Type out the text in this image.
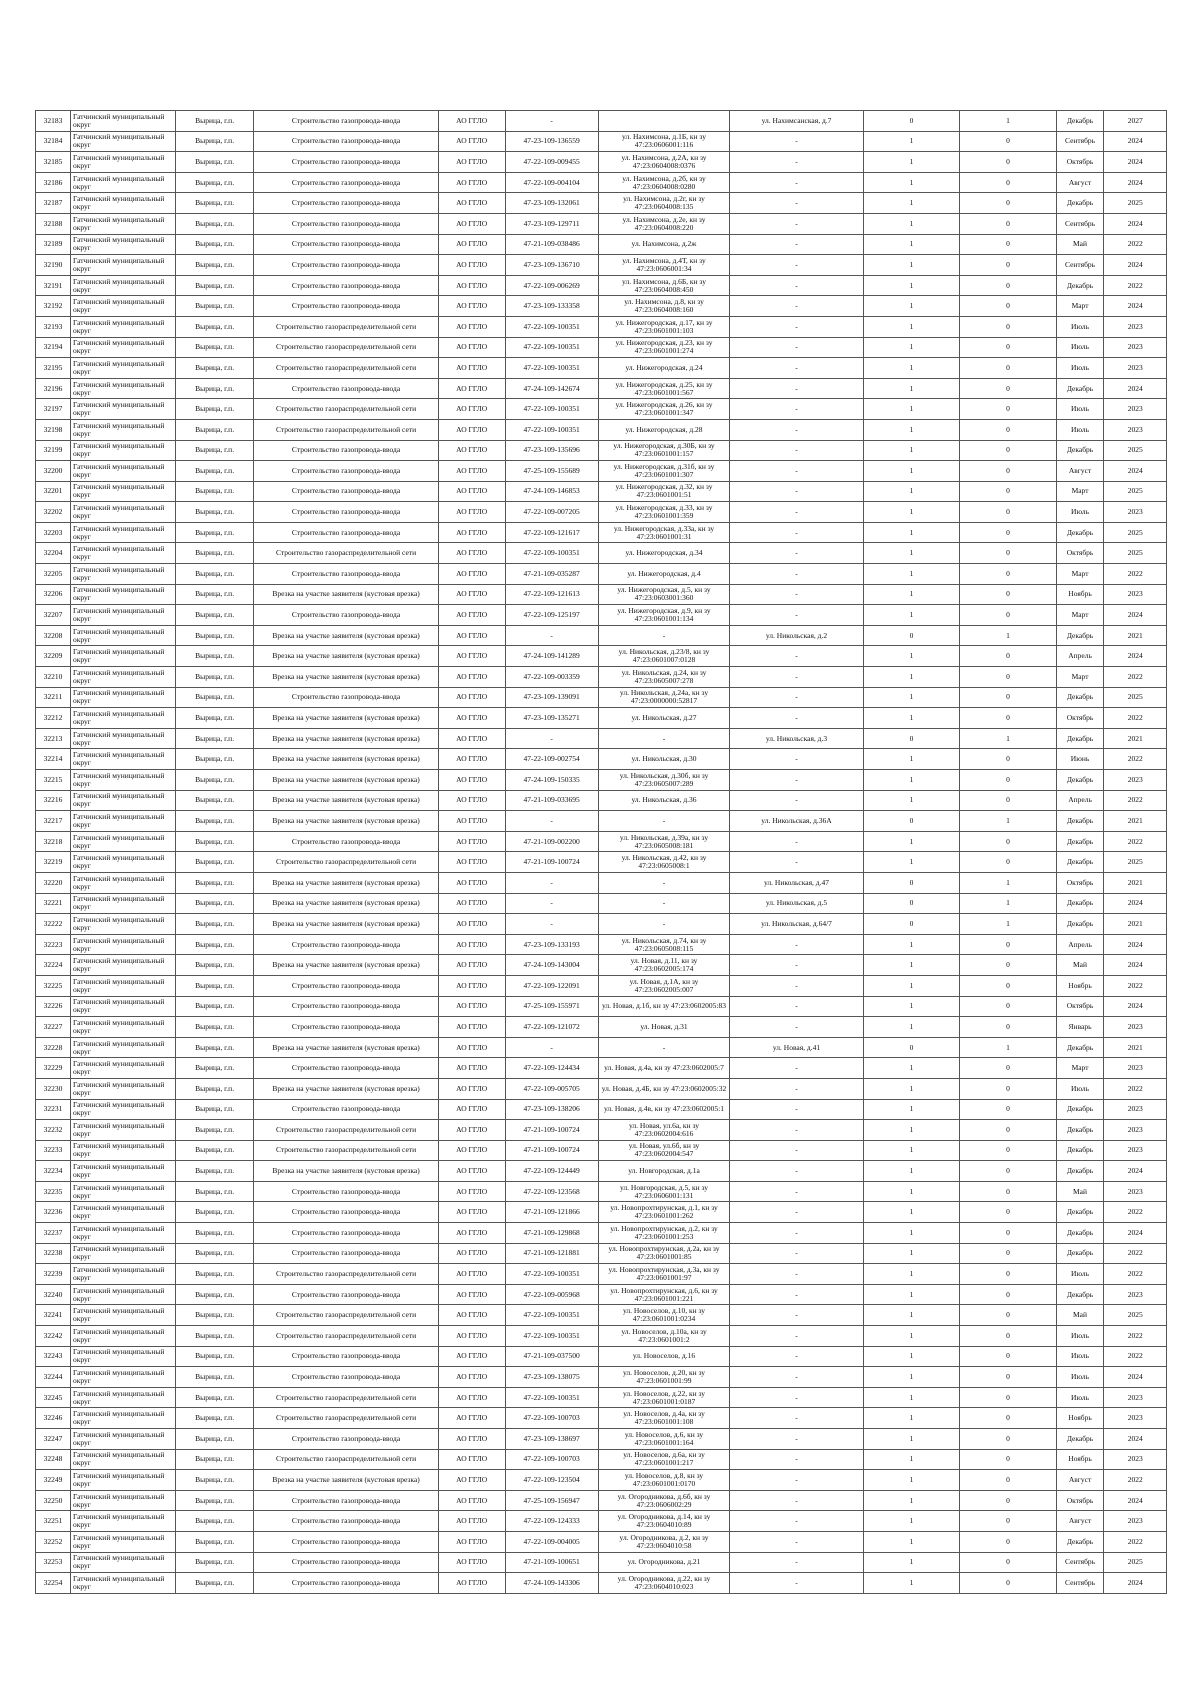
32183	Гатчинский муниципальный округ	Вырица, г.п.	Строительство газопровода-ввода	АО ГГЛО	-		ул. Нахимсанская, д.7	0	1	Декабрь	2027
32184	Гатчинский муниципальный округ	Вырица, г.п.	Строительство газопровода-ввода	АО ГГЛО	47-23-109-136559	ул. Нахимсона, д.1Б, кн зу 47:23:0606001:116	-	1	0	Сентябрь	2024
32185	Гатчинский муниципальный округ	Вырица, г.п.	Строительство газопровода-ввода	АО ГГЛО	47-22-109-009455	ул. Нахимсона, д.2А, кн зу 47:23:0604008:0376	-	1	0	Октябрь	2024
32186	Гатчинский муниципальный округ	Вырица, г.п.	Строительство газопровода-ввода	АО ГГЛО	47-22-109-004104	ул. Нахимсона, д.2б, кн зу 47:23:0604008:0280	-	1	0	Август	2024
32187	Гатчинский муниципальный округ	Вырица, г.п.	Строительство газопровода-ввода	АО ГГЛО	47-23-109-132061	ул. Нахимсона, д.2г, кн зу 47:23:0604008:135	-	1	0	Декабрь	2025
32188	Гатчинский муниципальный округ	Вырица, г.п.	Строительство газопровода-ввода	АО ГГЛО	47-23-109-129711	ул. Нахимсона, д.2е, кн зу 47:23:0604008:220	-	1	0	Сентябрь	2024
32189	Гатчинский муниципальный округ	Вырица, г.п.	Строительство газопровода-ввода	АО ГГЛО	47-21-109-038486	ул. Нахимсона, д.2ж	-	1	0	Май	2022
32190	Гатчинский муниципальный округ	Вырица, г.п.	Строительство газопровода-ввода	АО ГГЛО	47-23-109-136710	ул. Нахимсона, д.4Т, кн зу 47:23:0606001:34	-	1	0	Сентябрь	2024
32191	Гатчинский муниципальный округ	Вырица, г.п.	Строительство газопровода-ввода	АО ГГЛО	47-22-109-006269	ул. Нахимсона, д.6Б, кн зу 47:23:0604008:450	-	1	0	Декабрь	2022
32192	Гатчинский муниципальный округ	Вырица, г.п.	Строительство газопровода-ввода	АО ГГЛО	47-23-109-133358	ул. Нахимсона, д.8, кн зу 47:23:0604008:160	-	1	0	Март	2024
32193	Гатчинский муниципальный округ	Вырица, г.п.	Строительство газораспределительной сети	АО ГГЛО	47-22-109-100351	ул. Нижегородская, д.17, кн зу 47:23:0601001:103	-	1	0	Июль	2023
32194	Гатчинский муниципальный округ	Вырица, г.п.	Строительство газораспределительной сети	АО ГГЛО	47-22-109-100351	ул. Нижегородская, д.23, кн зу 47:23:0601001:274	-	1	0	Июль	2023
32195	Гатчинский муниципальный округ	Вырица, г.п.	Строительство газораспределительной сети	АО ГГЛО	47-22-109-100351	ул. Нижегородская, д.24	-	1	0	Июль	2023
32196	Гатчинский муниципальный округ	Вырица, г.п.	Строительство газопровода-ввода	АО ГГЛО	47-24-109-142674	ул. Нижегородская, д.25, кн зу 47:23:0601001:567	-	1	0	Декабрь	2024
32197	Гатчинский муниципальный округ	Вырица, г.п.	Строительство газораспределительной сети	АО ГГЛО	47-22-109-100351	ул. Нижегородская, д.26, кн зу 47:23:0601001:347	-	1	0	Июль	2023
32198	Гатчинский муниципальный округ	Вырица, г.п.	Строительство газораспределительной сети	АО ГГЛО	47-22-109-100351	ул. Нижегородская, д.28	-	1	0	Июль	2023
32199	Гатчинский муниципальный округ	Вырица, г.п.	Строительство газопровода-ввода	АО ГГЛО	47-23-109-135696	ул. Нижегородская, д.30Б, кн зу 47:23:0601001:157	-	1	0	Декабрь	2025
32200	Гатчинский муниципальный округ	Вырица, г.п.	Строительство газопровода-ввода	АО ГГЛО	47-25-109-155689	ул. Нижегородская, д.31б, кн зу 47:23:0601001:307	-	1	0	Август	2024
32201	Гатчинский муниципальный округ	Вырица, г.п.	Строительство газопровода-ввода	АО ГГЛО	47-24-109-146853	ул. Нижегородская, д.32, кн зу 47:23:0601001:51	-	1	0	Март	2025
32202	Гатчинский муниципальный округ	Вырица, г.п.	Строительство газопровода-ввода	АО ГГЛО	47-22-109-007205	ул. Нижегородская, д.33, кн зу 47:23:0601001:359	-	1	0	Июль	2023
32203	Гатчинский муниципальный округ	Вырица, г.п.	Строительство газопровода-ввода	АО ГГЛО	47-22-109-121617	ул. Нижегородская, д.33а, кн зу 47:23:0601001:31	-	1	0	Декабрь	2025
32204	Гатчинский муниципальный округ	Вырица, г.п.	Строительство газораспределительной сети	АО ГГЛО	47-22-109-100351	ул. Нижегородская, д.34	-	1	0	Октябрь	2025
32205	Гатчинский муниципальный округ	Вырица, г.п.	Строительство газопровода-ввода	АО ГГЛО	47-21-109-035287	ул. Нижегородская, д.4	-	1	0	Март	2022
32206	Гатчинский муниципальный округ	Вырица, г.п.	Врезка на участке заявителя (кустовая врезка)	АО ГГЛО	47-22-109-121613	ул. Нижегородская, д.5, кн зу 47:23:0603001:360	-	1	0	Ноябрь	2023
32207	Гатчинский муниципальный округ	Вырица, г.п.	Строительство газопровода-ввода	АО ГГЛО	47-22-109-125197	ул. Нижегородская, д.9, кн зу 47:23:0601001:134	-	1	0	Март	2024
32208	Гатчинский муниципальный округ	Вырица, г.п.	Врезка на участке заявителя (кустовая врезка)	АО ГГЛО	-	-	ул. Никольская, д.2	0	1	Декабрь	2021
32209	Гатчинский муниципальный округ	Вырица, г.п.	Врезка на участке заявителя (кустовая врезка)	АО ГГЛО	47-24-109-141289	ул. Никольская, д.23/8, кн зу 47:23:0601007:0128	-	1	0	Апрель	2024
32210	Гатчинский муниципальный округ	Вырица, г.п.	Врезка на участке заявителя (кустовая врезка)	АО ГГЛО	47-22-109-003359	ул. Никольская, д.24, кн зу 47:23:0605007:278	-	1	0	Март	2022
32211	Гатчинский муниципальный округ	Вырица, г.п.	Строительство газопровода-ввода	АО ГГЛО	47-23-109-139091	ул. Никольская, д.24а, кн зу 47:23:0000000:52817	-	1	0	Декабрь	2025
32212	Гатчинский муниципальный округ	Вырица, г.п.	Врезка на участке заявителя (кустовая врезка)	АО ГГЛО	47-23-109-135271	ул. Никольская, д.27	-	1	0	Октябрь	2022
32213	Гатчинский муниципальный округ	Вырица, г.п.	Врезка на участке заявителя (кустовая врезка)	АО ГГЛО	-	-	ул. Никольская, д.3	0	1	Декабрь	2021
32214	Гатчинский муниципальный округ	Вырица, г.п.	Врезка на участке заявителя (кустовая врезка)	АО ГГЛО	47-22-109-002754	ул. Никольская, д.30	-	1	0	Июнь	2022
32215	Гатчинский муниципальный округ	Вырица, г.п.	Врезка на участке заявителя (кустовая врезка)	АО ГГЛО	47-24-109-150335	ул. Никольская, д.30б, кн зу 47:23:0605007:289	-	1	0	Декабрь	2023
32216	Гатчинский муниципальный округ	Вырица, г.п.	Врезка на участке заявителя (кустовая врезка)	АО ГГЛО	47-21-109-033695	ул. Никольская, д.36	-	1	0	Апрель	2022
32217	Гатчинский муниципальный округ	Вырица, г.п.	Врезка на участке заявителя (кустовая врезка)	АО ГГЛО	-	-	ул. Никольская, д.36А	0	1	Декабрь	2021
32218	Гатчинский муниципальный округ	Вырица, г.п.	Строительство газопровода-ввода	АО ГГЛО	47-21-109-002200	ул. Никольская, д.39а, кн зу 47:23:0605008:181	-	1	0	Декабрь	2022
32219	Гатчинский муниципальный округ	Вырица, г.п.	Строительство газораспределительной сети	АО ГГЛО	47-21-109-100724	ул. Никольская, д.42, кн зу 47:23:0605008:1	-	1	0	Декабрь	2025
32220	Гатчинский муниципальный округ	Вырица, г.п.	Врезка на участке заявителя (кустовая врезка)	АО ГГЛО	-	-	ул. Никольская, д.47	0	1	Октябрь	2021
32221	Гатчинский муниципальный округ	Вырица, г.п.	Врезка на участке заявителя (кустовая врезка)	АО ГГЛО	-	-	ул. Никольская, д.5	0	1	Декабрь	2024
32222	Гатчинский муниципальный округ	Вырица, г.п.	Врезка на участке заявителя (кустовая врезка)	АО ГГЛО	-	-	ул. Никольская, д.64/7	0	1	Декабрь	2021
32223	Гатчинский муниципальный округ	Вырица, г.п.	Строительство газопровода-ввода	АО ГГЛО	47-23-109-133193	ул. Никольская, д.74, кн зу 47:23:0605008:115	-	1	0	Апрель	2024
32224	Гатчинский муниципальный округ	Вырица, г.п.	Врезка на участке заявителя (кустовая врезка)	АО ГГЛО	47-24-109-143004	ул. Новая, д.11, кн зу 47:23:0602005:174	-	1	0	Май	2024
32225	Гатчинский муниципальный округ	Вырица, г.п.	Строительство газопровода-ввода	АО ГГЛО	47-22-109-122091	ул. Новая, д.1А, кн зу 47:23:0602005:007	-	1	0	Ноябрь	2022
32226	Гатчинский муниципальный округ	Вырица, г.п.	Строительство газопровода-ввода	АО ГГЛО	47-25-109-155971	ул. Новая, д.1б, кн зу 47:23:0602005:83	-	1	0	Октябрь	2024
32227	Гатчинский муниципальный округ	Вырица, г.п.	Строительство газопровода-ввода	АО ГГЛО	47-22-109-121072	ул. Новая, д.31	-	1	0	Январь	2023
32228	Гатчинский муниципальный округ	Вырица, г.п.	Врезка на участке заявителя (кустовая врезка)	АО ГГЛО	-	-	ул. Новая, д.41	0	1	Декабрь	2021
32229	Гатчинский муниципальный округ	Вырица, г.п.	Строительство газопровода-ввода	АО ГГЛО	47-22-109-124434	ул. Новая, д.4а, кн зу 47:23:0602005:7	-	1	0	Март	2023
32230	Гатчинский муниципальный округ	Вырица, г.п.	Врезка на участке заявителя (кустовая врезка)	АО ГГЛО	47-22-109-005705	ул. Новая, д.4Б, кн зу 47:23:0602005:32	-	1	0	Июль	2022
32231	Гатчинский муниципальный округ	Вырица, г.п.	Строительство газопровода-ввода	АО ГГЛО	47-23-109-138206	ул. Новая, д.4в, кн зу 47:23:0602005:1	-	1	0	Декабрь	2023
32232	Гатчинский муниципальный округ	Вырица, г.п.	Строительство газораспределительной сети	АО ГГЛО	47-21-109-100724	ул. Новая, ул.6а, кн зу 47:23:0602004:616	-	1	0	Декабрь	2023
32233	Гатчинский муниципальный округ	Вырица, г.п.	Строительство газораспределительной сети	АО ГГЛО	47-21-109-100724	ул. Новая, ул.6б, кн зу 47:23:0602004:547	-	1	0	Декабрь	2023
32234	Гатчинский муниципальный округ	Вырица, г.п.	Врезка на участке заявителя (кустовая врезка)	АО ГГЛО	47-22-109-124449	ул. Новгородская, д.1а	-	1	0	Декабрь	2024
32235	Гатчинский муниципальный округ	Вырица, г.п.	Строительство газопровода-ввода	АО ГГЛО	47-22-109-123568	ул. Новгородская, д.5, кн зу 47:23:0606001:131	-	1	0	Май	2023
32236	Гатчинский муниципальный округ	Вырица, г.п.	Строительство газопровода-ввода	АО ГГЛО	47-21-109-121866	ул. Новопрохтирунская, д.1, кн зу 47:23:0601001:262	-	1	0	Декабрь	2022
32237	Гатчинский муниципальный округ	Вырица, г.п.	Строительство газопровода-ввода	АО ГГЛО	47-21-109-129868	ул. Новопрохтирунская, д.2, кн зу 47:23:0601001:253	-	1	0	Декабрь	2024
32238	Гатчинский муниципальный округ	Вырица, г.п.	Строительство газопровода-ввода	АО ГГЛО	47-21-109-121881	ул. Новопрохтирунская, д.2а, кн зу 47:23:0601001:85	-	1	0	Декабрь	2022
32239	Гатчинский муниципальный округ	Вырица, г.п.	Строительство газораспределительной сети	АО ГГЛО	47-22-109-100351	ул. Новопрохтирунская, д.3а, кн зу 47:23:0601001:97	-	1	0	Июль	2022
32240	Гатчинский муниципальный округ	Вырица, г.п.	Строительство газопровода-ввода	АО ГГЛО	47-22-109-005968	ул. Новопрохтирунская, д.6, кн зу 47:23:0601001:221	-	1	0	Декабрь	2023
32241	Гатчинский муниципальный округ	Вырица, г.п.	Строительство газораспределительной сети	АО ГГЛО	47-22-109-100351	ул. Новоселов, д.10, кн зу 47:23:0601001:0234	-	1	0	Май	2025
32242	Гатчинский муниципальный округ	Вырица, г.п.	Строительство газораспределительной сети	АО ГГЛО	47-22-109-100351	ул. Новоселов, д.10а, кн зу 47:23:0601001:2	-	1	0	Июль	2022
32243	Гатчинский муниципальный округ	Вырица, г.п.	Строительство газопровода-ввода	АО ГГЛО	47-21-109-037500	ул. Новоселов, д.16	-	1	0	Июль	2022
32244	Гатчинский муниципальный округ	Вырица, г.п.	Строительство газопровода-ввода	АО ГГЛО	47-23-109-138075	ул. Новоселов, д.20, кн зу 47:23:0601001:99	-	1	0	Июль	2024
32245	Гатчинский муниципальный округ	Вырица, г.п.	Строительство газораспределительной сети	АО ГГЛО	47-22-109-100351	ул. Новоселов, д.22, кн зу 47:23:0601001:0187	-	1	0	Июль	2023
32246	Гатчинский муниципальный округ	Вырица, г.п.	Строительство газораспределительной сети	АО ГГЛО	47-22-109-100703	ул. Новоселов, д.4а, кн зу 47:23:0601001:108	-	1	0	Ноябрь	2023
32247	Гатчинский муниципальный округ	Вырица, г.п.	Строительство газопровода-ввода	АО ГГЛО	47-23-109-138697	ул. Новоселов, д.6, кн зу 47:23:0601001:164	-	1	0	Декабрь	2024
32248	Гатчинский муниципальный округ	Вырица, г.п.	Строительство газораспределительной сети	АО ГГЛО	47-22-109-100703	ул. Новоселов, д.6а, кн зу 47:23:0601001:217	-	1	0	Ноябрь	2023
32249	Гатчинский муниципальный округ	Вырица, г.п.	Врезка на участке заявителя (кустовая врезка)	АО ГГЛО	47-22-109-123504	ул. Новоселов, д.8, кн зу 47:23:0601001:0170	-	1	0	Август	2022
32250	Гатчинский муниципальный округ	Вырица, г.п.	Строительство газопровода-ввода	АО ГГЛО	47-25-109-156947	ул. Огородникова, д.6б, кн зу 47:23:0606002:29	-	1	0	Октябрь	2024
32251	Гатчинский муниципальный округ	Вырица, г.п.	Строительство газопровода-ввода	АО ГГЛО	47-22-109-124333	ул. Огородникова, д.14, кн зу 47:23:0604010:89	-	1	0	Август	2023
32252	Гатчинский муниципальный округ	Вырица, г.п.	Строительство газопровода-ввода	АО ГГЛО	47-22-109-004005	ул. Огородникова, д.2, кн зу 47:23:0604010:58	-	1	0	Декабрь	2022
32253	Гатчинский муниципальный округ	Вырица, г.п.	Строительство газопровода-ввода	АО ГГЛО	47-21-109-100651	ул. Огородникова, д.21	-	1	0	Сентябрь	2025
32254	Гатчинский муниципальный округ	Вырица, г.п.	Строительство газопровода-ввода	АО ГГЛО	47-24-109-143306	ул. Огородникова, д.22, кн зу 47:23:0604010:023	-	1	0	Сентябрь	2024
